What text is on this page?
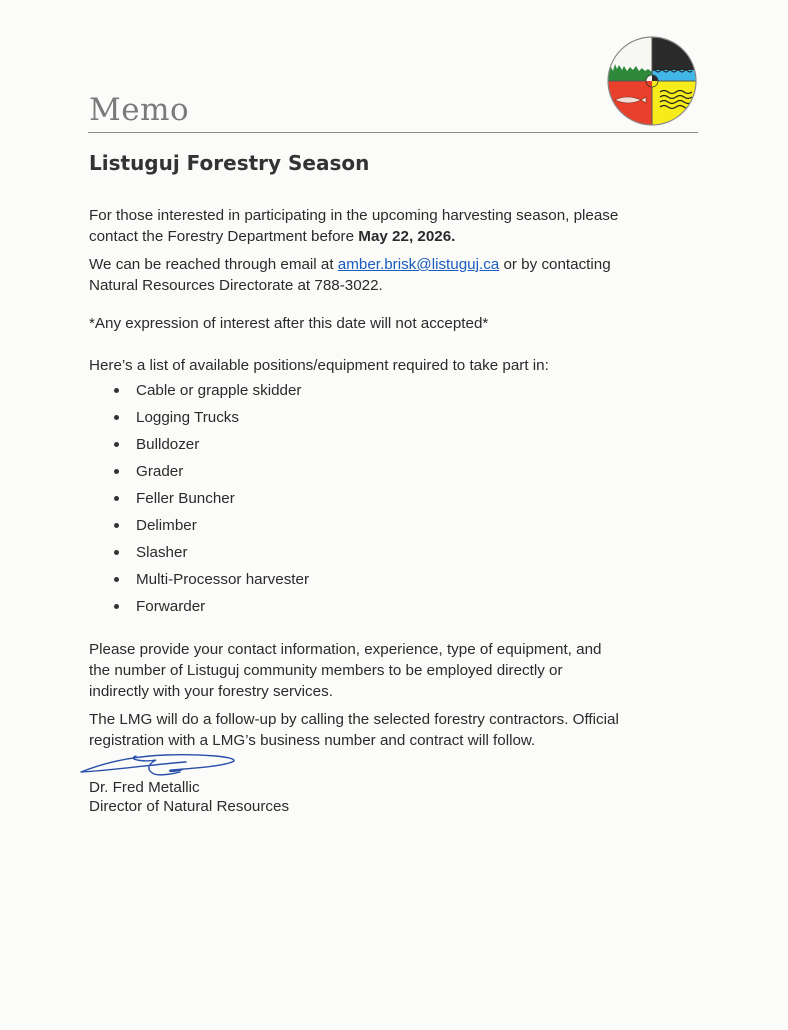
Memo
Listuguj Forestry Season

For those interested in participating in the upcoming harvesting season, please contact the Forestry Department before May 22, 2026.

We can be reached through email at amber.brisk@listuguj.ca or by contacting Natural Resources Directorate at 788-3022.

*Any expression of interest after this date will not accepted*

Here’s a list of available positions/equipment required to take part in:

Cable or grapple skidder
Logging Trucks
Bulldozer
Grader
Feller Buncher
Delimber
Slasher
Multi-Processor harvester
Forwarder

Please provide your contact information, experience, type of equipment, and the number of Listuguj community members to be employed directly or indirectly with your forestry services.

The LMG will do a follow-up by calling the selected forestry contractors. Official registration with a LMG’s business number and contract will follow.

Dr. Fred Metallic

Director of Natural Resources
